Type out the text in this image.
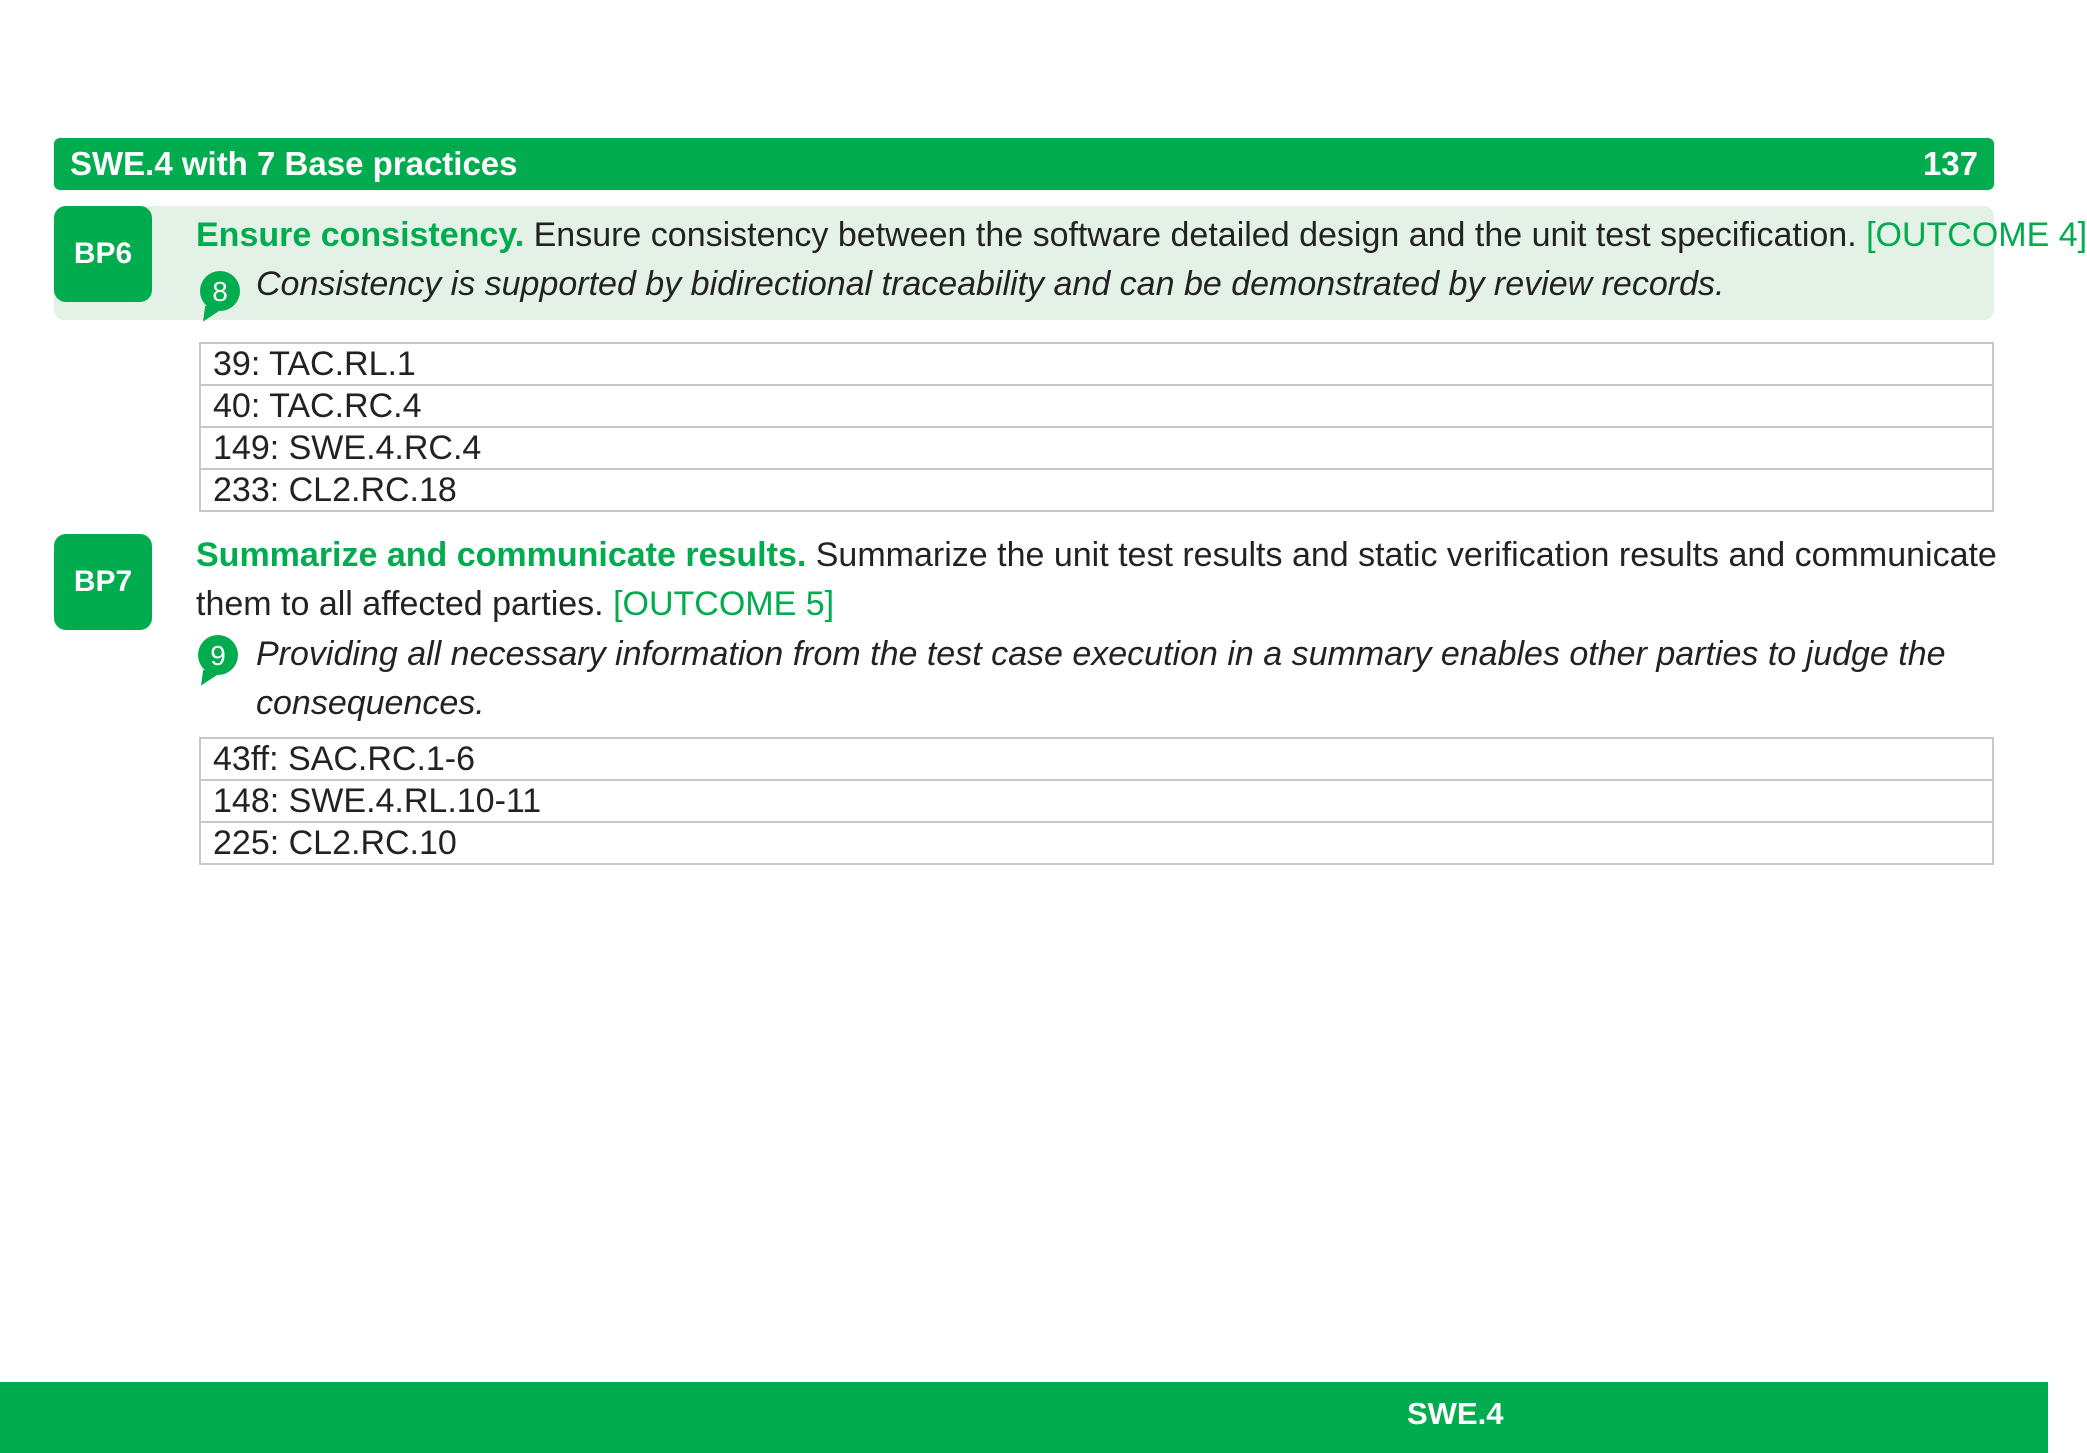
SWE.4 with 7 Base practices	137
BP6 Ensure consistency. Ensure consistency between the software detailed design and the unit test specification. [OUTCOME 4]
8 Consistency is supported by bidirectional traceability and can be demonstrated by review records.
39: TAC.RL.1
40: TAC.RC.4
149: SWE.4.RC.4
233: CL2.RC.18
BP7
Summarize and communicate results. Summarize the unit test results and static verification results and communicate
them to all affected parties. [OUTCOME 5]
9 Providing all necessary information from the test case execution in a summary enables other parties to judge the
consequences.
43ff: SAC.RC.1-6
148: SWE.4.RL.10-11
225: CL2.RC.10
SWE.4
